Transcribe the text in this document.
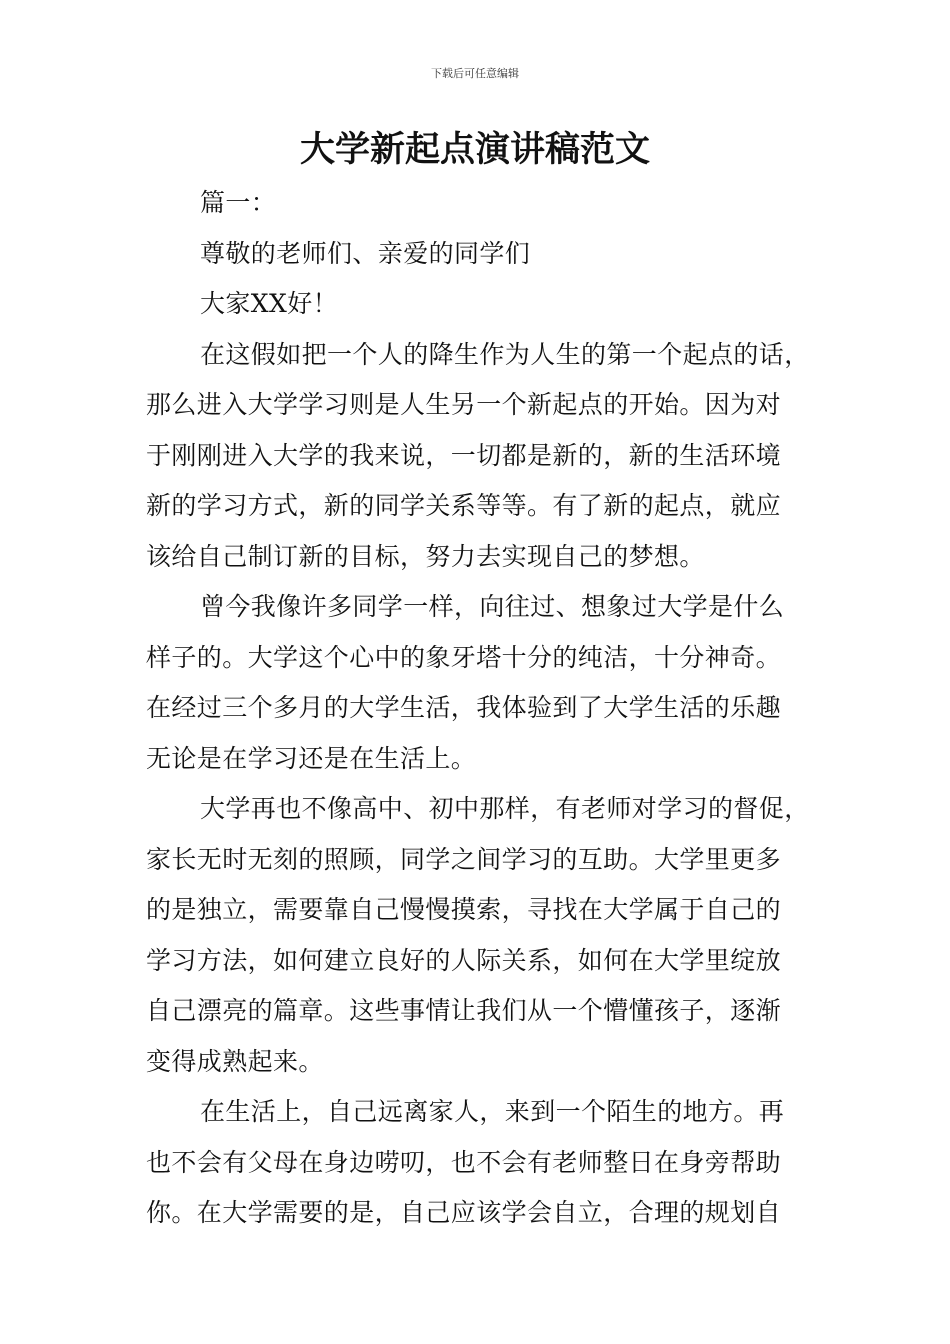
下载后可任意编辑
大学新起点演讲稿范文
篇一：
尊敬的老师们、亲爱的同学们
大家XX好！
在这假如把一个人的降生作为人生的第一个起点的话，
那么进入大学学习则是人生另一个新起点的开始。因为对
于刚刚进入大学的我来说，一切都是新的，新的生活环境
新的学习方式，新的同学关系等等。有了新的起点，就应
该给自己制订新的目标，努力去实现自己的梦想。
曾今我像许多同学一样，向往过、想象过大学是什么
样子的。大学这个心中的象牙塔十分的纯洁，十分神奇。
在经过三个多月的大学生活，我体验到了大学生活的乐趣
无论是在学习还是在生活上。
大学再也不像高中、初中那样，有老师对学习的督促，
家长无时无刻的照顾，同学之间学习的互助。大学里更多
的是独立，需要靠自己慢慢摸索，寻找在大学属于自己的
学习方法，如何建立良好的人际关系，如何在大学里绽放
自己漂亮的篇章。这些事情让我们从一个懵懂孩子，逐渐
变得成熟起来。
在生活上，自己远离家人，来到一个陌生的地方。再
也不会有父母在身边唠叨，也不会有老师整日在身旁帮助
你。在大学需要的是，自己应该学会自立，合理的规划自
